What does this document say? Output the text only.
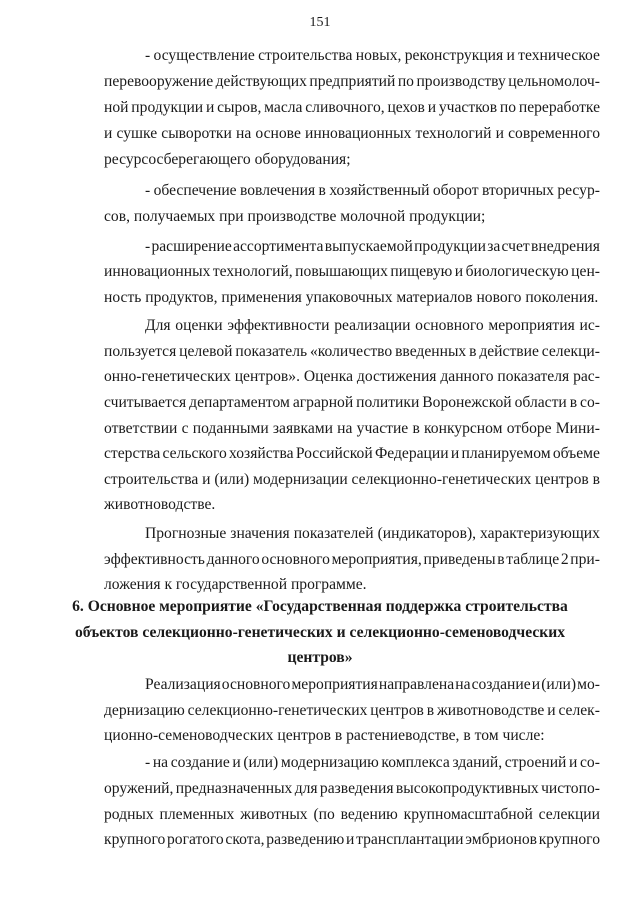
151
- осуществление строительства новых, реконструкция и техническое
перевооружение действующих предприятий по производству цельномолоч-
ной продукции и сыров, масла сливочного, цехов и участков по переработке
и сушке сыворотки на основе инновационных технологий и современного
ресурсосберегающего оборудования;
- обеспечение вовлечения в хозяйственный оборот вторичных ресур-
сов, получаемых при производстве молочной продукции;
- расширение ассортимента выпускаемой продукции за счет внедрения
инновационных технологий, повышающих пищевую и биологическую цен-
ность продуктов, применения упаковочных материалов нового поколения.
Для оценки эффективности реализации основного мероприятия ис-
пользуется целевой показатель «количество введенных в действие селекци-
онно-генетических центров». Оценка достижения данного показателя рас-
считывается департаментом аграрной политики Воронежской области в со-
ответствии с поданными заявками на участие в конкурсном отборе Мини-
стерства сельского хозяйства Российской Федерации и планируемом объеме
строительства и (или) модернизации селекционно-генетических центров в
животноводстве.
Прогнозные значения показателей (индикаторов), характеризующих
эффективность данного основного мероприятия, приведены в таблице 2 при-
ложения к государственной программе.
6. Основное мероприятие «Государственная поддержка строительства
объектов селекционно-генетических и селекционно-семеноводческих
центров»
Реализация основного мероприятия направлена на создание и (или) мо-
дернизацию селекционно-генетических центров в животноводстве и селек-
ционно-семеноводческих центров в растениеводстве, в том числе:
- на создание и (или) модернизацию комплекса зданий, строений и со-
оружений, предназначенных для разведения высокопродуктивных чистопо-
родных племенных животных (по ведению крупномасштабной селекции
крупного рогатого скота, разведению и трансплантации эмбрионов крупного
